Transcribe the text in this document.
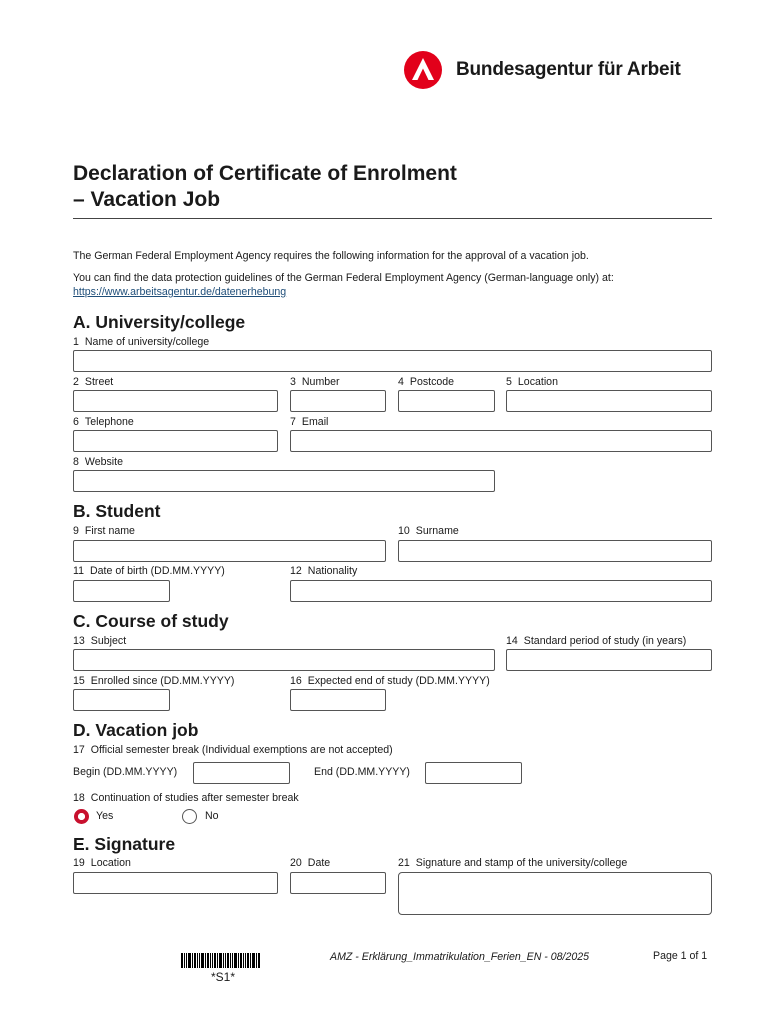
Bundesagentur für Arbeit
Declaration of Certificate of Enrolment
– Vacation Job
The German Federal Employment Agency requires the following information for the approval of a vacation job.
You can find the data protection guidelines of the German Federal Employment Agency (German-language only) at:
https://www.arbeitsagentur.de/datenerhebung
A. University/college
1 Name of university/college
2 Street	3 Number	4 Postcode	5 Location
6 Telephone	7 Email
8 Website
B. Student
9 First name	10 Surname
11 Date of birth (DD.MM.YYYY)	12 Nationality
C. Course of study
13 Subject	14 Standard period of study (in years)
15 Enrolled since (DD.MM.YYYY)	16 Expected end of study (DD.MM.YYYY)
D. Vacation job
17 Official semester break (Individual exemptions are not accepted)
Begin (DD.MM.YYYY)	End (DD.MM.YYYY)
18 Continuation of studies after semester break
Yes	No
E. Signature
19 Location	20 Date	21 Signature and stamp of the university/college
*S1*
AMZ - Erklärung_Immatrikulation_Ferien_EN - 08/2025	Page 1 of 1
